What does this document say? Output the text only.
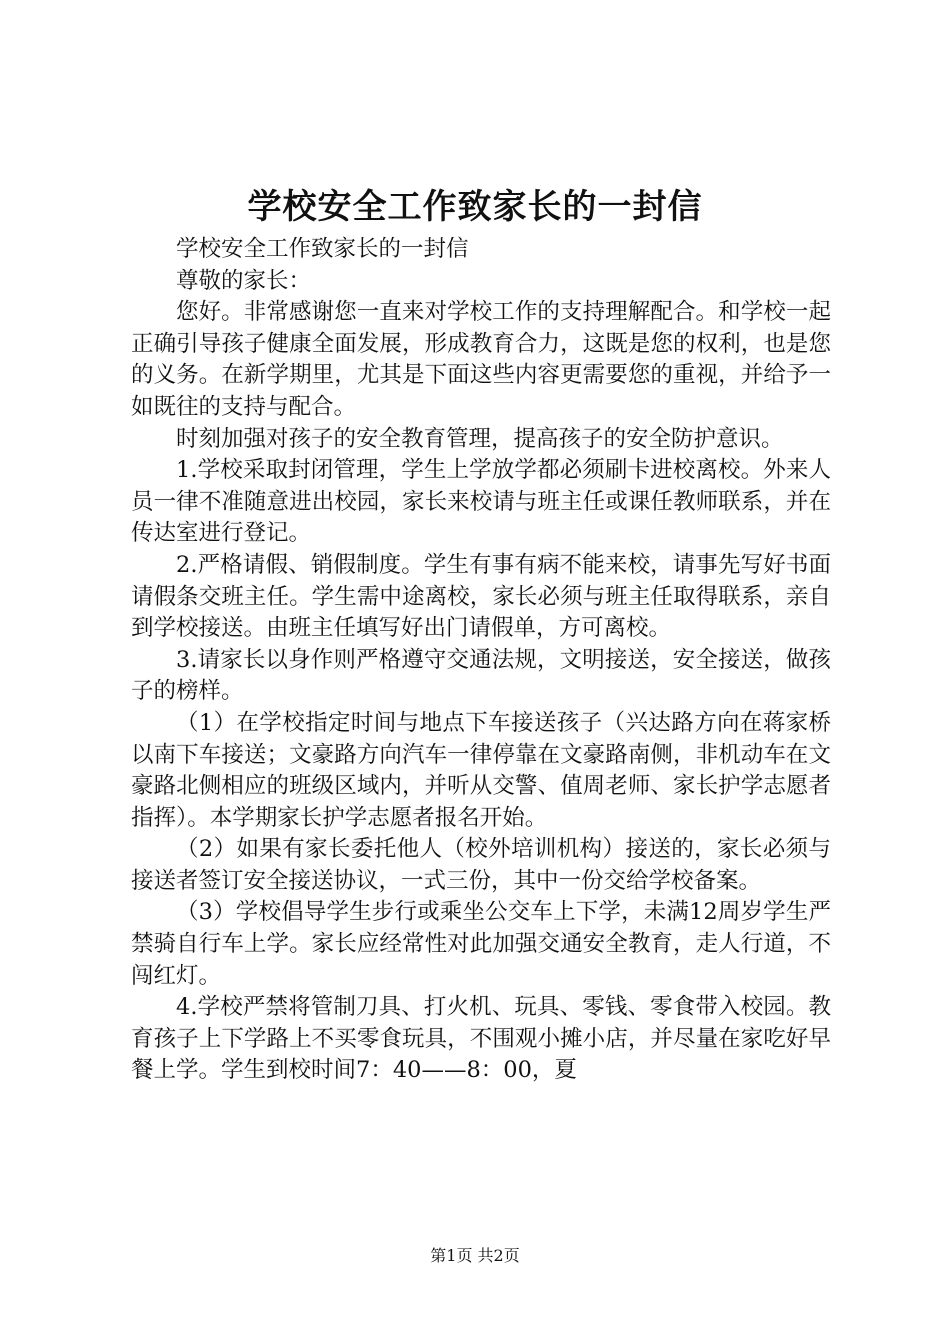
学校安全工作致家长的一封信

学校安全工作致家长的一封信

尊敬的家长：

您好。非常感谢您一直来对学校工作的支持理解配合。和学校一起正确引导孩子健康全面发展，形成教育合力，这既是您的权利，也是您的义务。在新学期里，尤其是下面这些内容更需要您的重视，并给予一如既往的支持与配合。

时刻加强对孩子的安全教育管理，提高孩子的安全防护意识。

1.学校采取封闭管理，学生上学放学都必须刷卡进校离校。外来人员一律不准随意进出校园，家长来校请与班主任或课任教师联系，并在传达室进行登记。

2.严格请假、销假制度。学生有事有病不能来校，请事先写好书面请假条交班主任。学生需中途离校，家长必须与班主任取得联系，亲自到学校接送。由班主任填写好出门请假单，方可离校。

3.请家长以身作则严格遵守交通法规，文明接送，安全接送，做孩子的榜样。

（1）在学校指定时间与地点下车接送孩子（兴达路方向在蒋家桥以南下车接送；文豪路方向汽车一律停靠在文豪路南侧，非机动车在文豪路北侧相应的班级区域内，并听从交警、值周老师、家长护学志愿者指挥）。本学期家长护学志愿者报名开始。

（2）如果有家长委托他人（校外培训机构）接送的，家长必须与接送者签订安全接送协议，一式三份，其中一份交给学校备案。

（3）学校倡导学生步行或乘坐公交车上下学，未满12周岁学生严禁骑自行车上学。家长应经常性对此加强交通安全教育，走人行道，不闯红灯。

4.学校严禁将管制刀具、打火机、玩具、零钱、零食带入校园。教育孩子上下学路上不买零食玩具，不围观小摊小店，并尽量在家吃好早餐上学。学生到校时间7：40——8：00，夏

第1页 共2页
